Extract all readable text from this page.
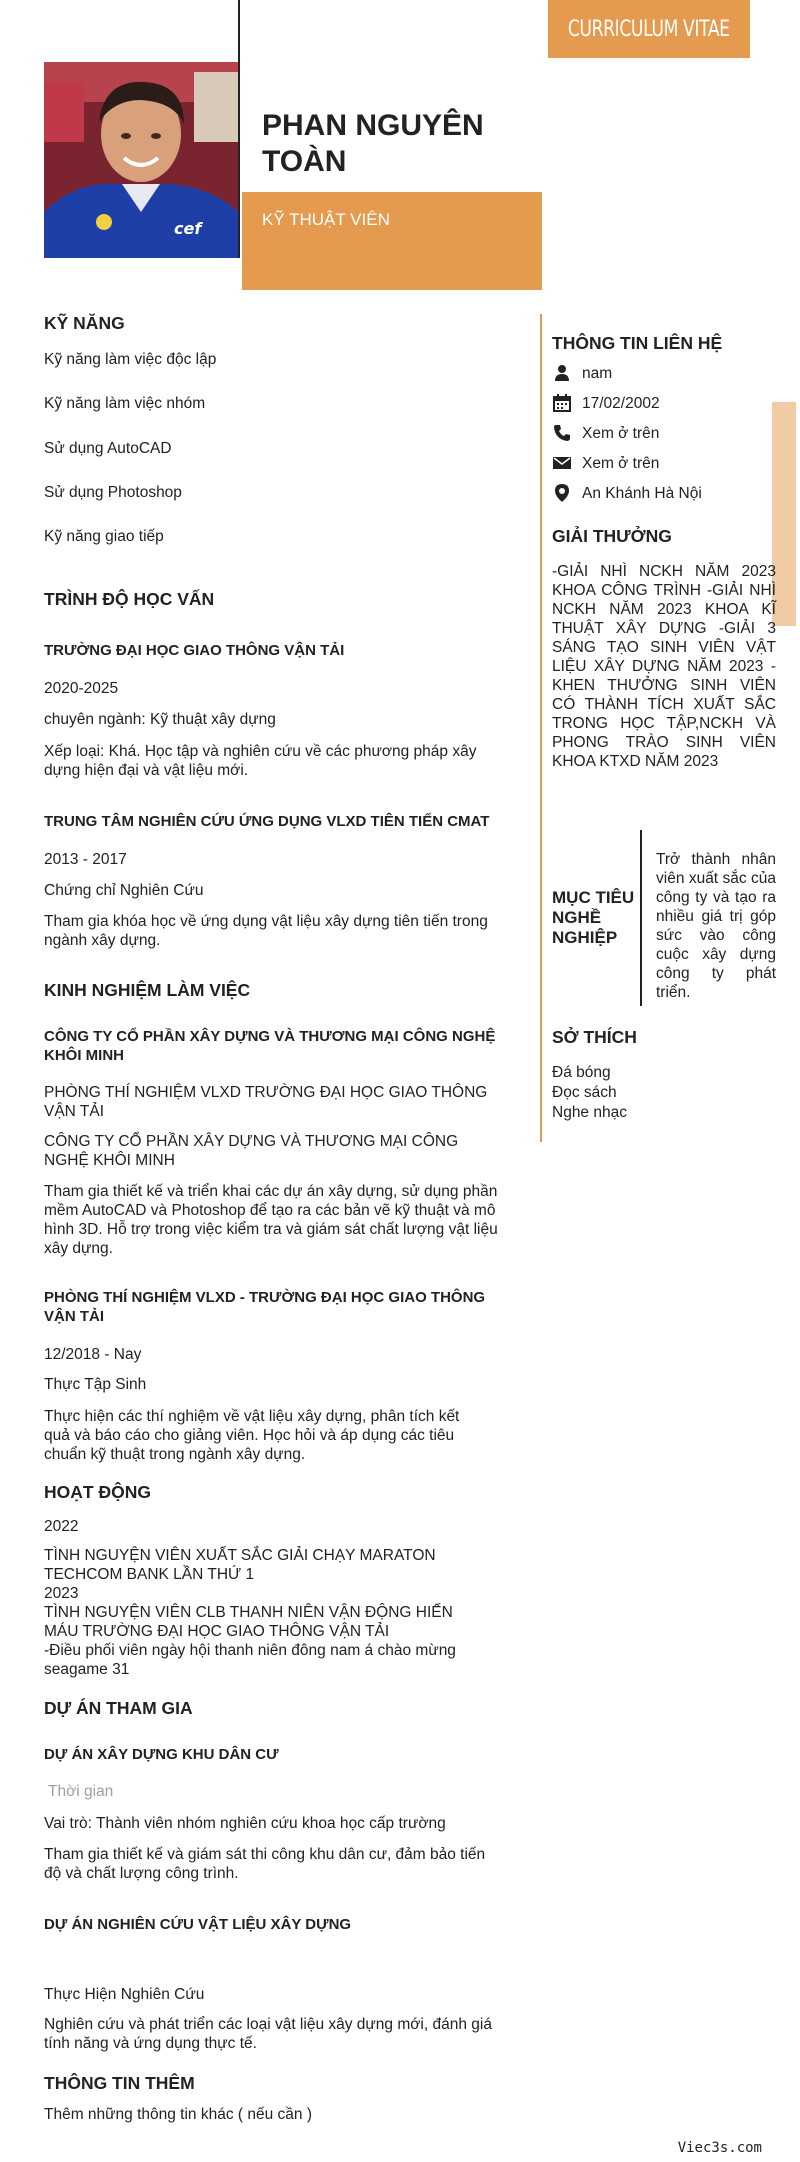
CURRICULUM VITAE
cef
PHAN NGUYÊN TOÀN
KỸ THUẬT VIÊN
KỸ NĂNG
Kỹ năng làm việc độc lập
Kỹ năng làm việc nhóm
Sử dụng AutoCAD
Sử dụng Photoshop
Kỹ năng giao tiếp
TRÌNH ĐỘ HỌC VẤN
TRƯỜNG ĐẠI HỌC GIAO THÔNG VẬN TẢI
2020-2025
chuyên ngành: Kỹ thuật xây dựng
Xếp loại: Khá. Học tập và nghiên cứu về các phương pháp xây dựng hiện đại và vật liệu mới.
TRUNG TÂM NGHIÊN CỨU ỨNG DỤNG VLXD TIÊN TIẾN CMAT
2013 - 2017
Chứng chỉ Nghiên Cứu
Tham gia khóa học về ứng dụng vật liệu xây dựng tiên tiến trong ngành xây dựng.
KINH NGHIỆM LÀM VIỆC
CÔNG TY CỔ PHẦN XÂY DỰNG VÀ THƯƠNG MẠI CÔNG NGHỆ KHÔI MINH
PHÒNG THÍ NGHIỆM VLXD TRƯỜNG ĐẠI HỌC GIAO THÔNG VẬN TẢI
CÔNG TY CỔ PHẦN XÂY DỰNG VÀ THƯƠNG MẠI CÔNG NGHỆ KHÔI MINH
Tham gia thiết kế và triển khai các dự án xây dựng, sử dụng phần mềm AutoCAD và Photoshop để tạo ra các bản vẽ kỹ thuật và mô hình 3D. Hỗ trợ trong việc kiểm tra và giám sát chất lượng vật liệu xây dựng.
PHÒNG THÍ NGHIỆM VLXD - TRƯỜNG ĐẠI HỌC GIAO THÔNG VẬN TẢI
12/2018 - Nay
Thực Tập Sinh
Thực hiện các thí nghiệm về vật liệu xây dựng, phân tích kết quả và báo cáo cho giảng viên. Học hỏi và áp dụng các tiêu chuẩn kỹ thuật trong ngành xây dựng.
HOẠT ĐỘNG
2022
TÌNH NGUYỆN VIÊN XUẤT SẮC GIẢI CHẠY MARATON TECHCOM BANK LẦN THỨ 1
2023
TÌNH NGUYỆN VIÊN CLB THANH NIÊN VẬN ĐỘNG HIẾN MÁU TRƯỜNG ĐẠI HỌC GIAO THÔNG VẬN TẢI
-Điều phối viên ngày hội thanh niên đông nam á chào mừng seagame 31
DỰ ÁN THAM GIA
DỰ ÁN XÂY DỰNG KHU DÂN CƯ
Thời gian
Vai trò: Thành viên nhóm nghiên cứu khoa học cấp trường
Tham gia thiết kế và giám sát thi công khu dân cư, đảm bảo tiến độ và chất lượng công trình.
DỰ ÁN NGHIÊN CỨU VẬT LIỆU XÂY DỰNG
Thực Hiện Nghiên Cứu
Nghiên cứu và phát triển các loại vật liệu xây dựng mới, đánh giá tính năng và ứng dụng thực tế.
THÔNG TIN THÊM
Thêm những thông tin khác ( nếu cần )
THÔNG TIN LIÊN HỆ
nam
17/02/2002
Xem ở trên
Xem ở trên
An Khánh Hà Nội
GIẢI THƯỞNG
-GIẢI NHÌ NCKH NĂM 2023 KHOA CÔNG TRÌNH -GIẢI NHÌ NCKH NĂM 2023 KHOA KĨ THUẬT XÂY DỰNG -GIẢI 3 SÁNG TẠO SINH VIÊN VẬT LIỆU XÂY DỰNG NĂM 2023 -KHEN THƯỞNG SINH VIÊN CÓ THÀNH TÍCH XUẤT SẮC TRONG HỌC TẬP,NCKH VÀ PHONG TRÀO SINH VIÊN KHOA KTXD NĂM 2023
MỤC TIÊU
NGHỀ
NGHIỆP
Trở thành nhân viên xuất sắc của công ty và tạo ra nhiều giá trị góp sức vào công cuộc xây dựng công ty phát triển.
SỞ THÍCH
Đá bóng
Đọc sách
Nghe nhạc
Viec3s.com
